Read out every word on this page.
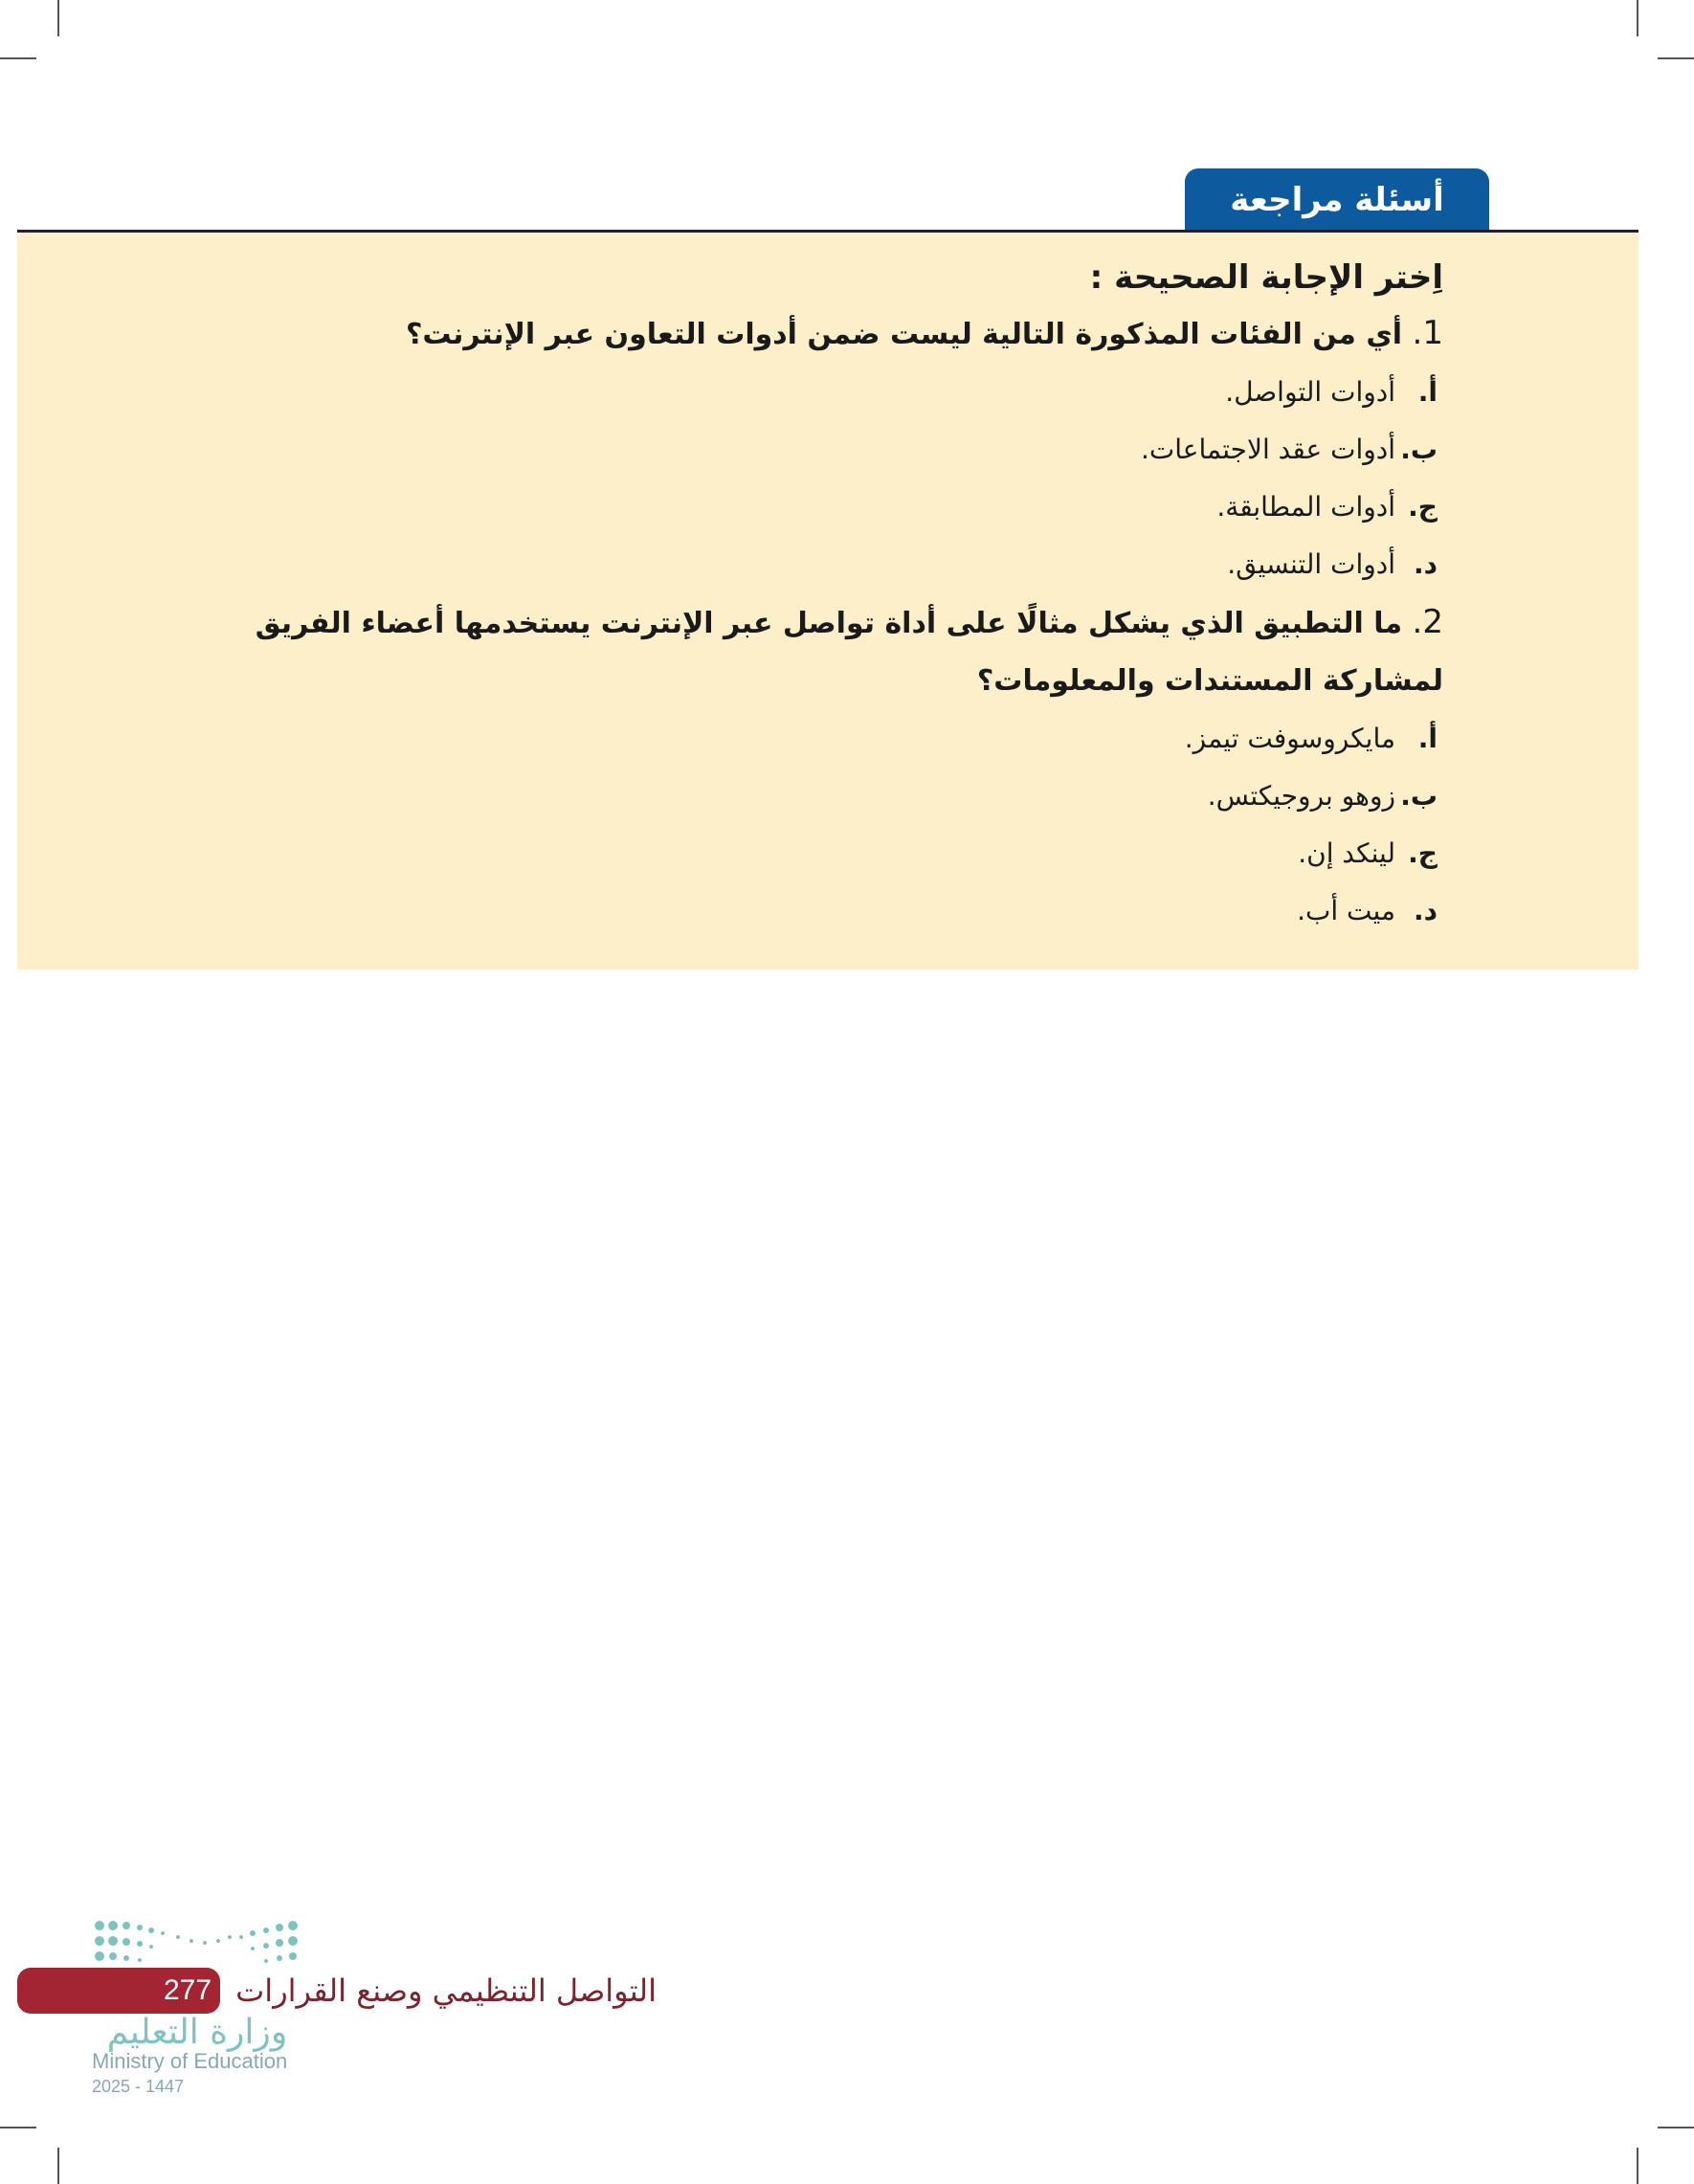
أسئلة مراجعة
اِختر الإجابة الصحيحة :
1. أي من الفئات المذكورة التالية ليست ضمن أدوات التعاون عبر الإنترنت؟
أ.أدوات التواصل.
ب.أدوات عقد الاجتماعات.
ج.أدوات المطابقة.
د.أدوات التنسيق.
2. ما التطبيق الذي يشكل مثالًا على أداة تواصل عبر الإنترنت يستخدمها أعضاء الفريق لمشاركة المستندات والمعلومات؟
أ.مايكروسوفت تيمز.
ب.زوهو بروجيكتس.
ج.لينكد إن.
د.ميت أب.
277 التواصل التنظيمي وصنع القرارات
وزارة التعليم
Ministry of Education
2025 - 1447
